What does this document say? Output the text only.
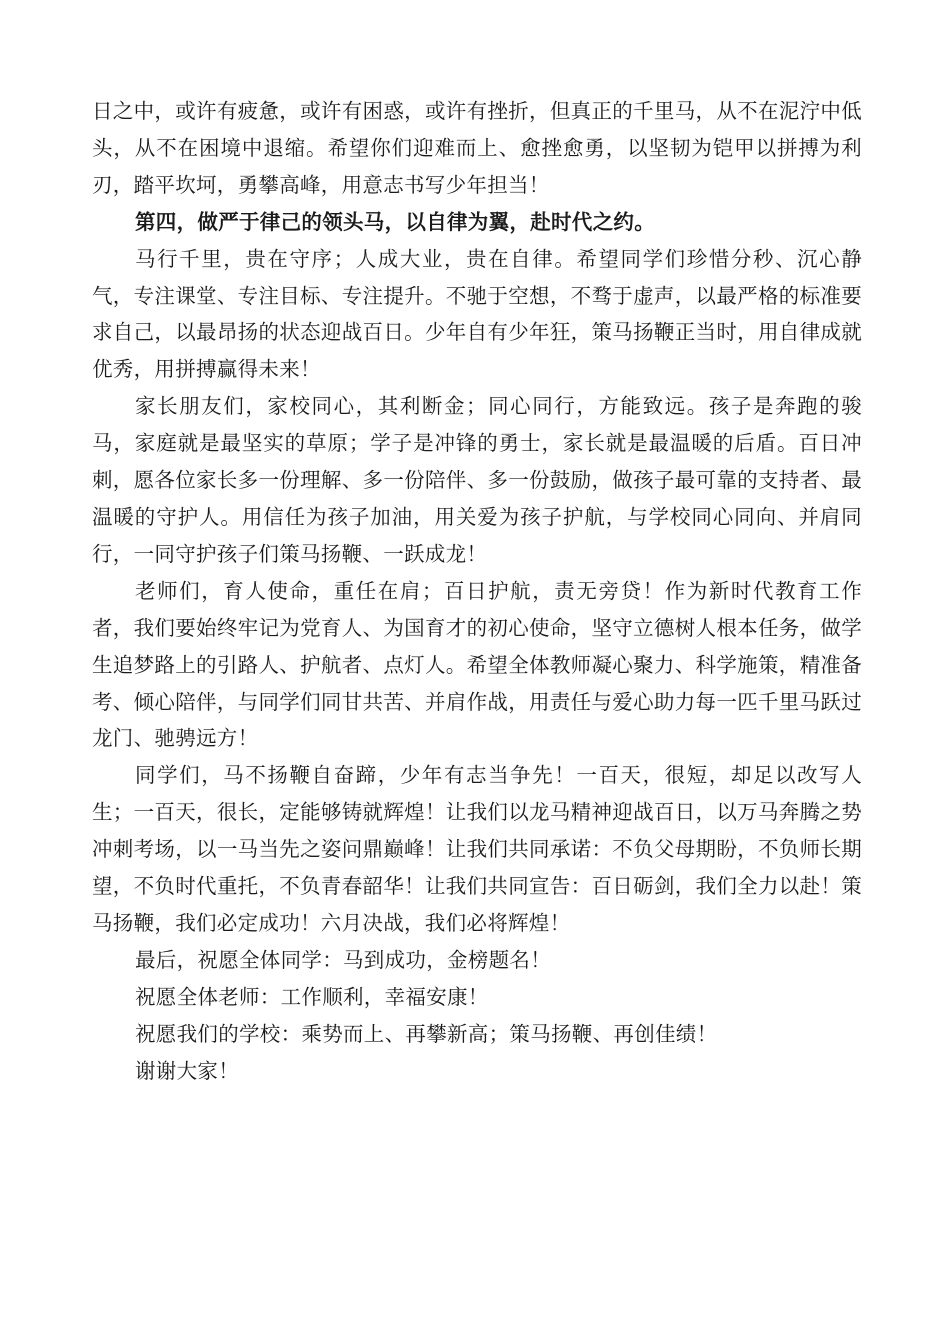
日之中，或许有疲惫，或许有困惑，或许有挫折，但真正的千里马，从不在泥泞中低头，从不在困境中退缩。希望你们迎难而上、愈挫愈勇，以坚韧为铠甲以拼搏为利刃，踏平坎坷，勇攀高峰，用意志书写少年担当！

第四，做严于律己的领头马，以自律为翼，赴时代之约。

马行千里，贵在守序；人成大业，贵在自律。希望同学们珍惜分秒、沉心静气，专注课堂、专注目标、专注提升。不驰于空想，不骛于虚声，以最严格的标准要求自己，以最昂扬的状态迎战百日。少年自有少年狂，策马扬鞭正当时，用自律成就优秀，用拼搏赢得未来！

家长朋友们，家校同心，其利断金；同心同行，方能致远。孩子是奔跑的骏马，家庭就是最坚实的草原；学子是冲锋的勇士，家长就是最温暖的后盾。百日冲刺，愿各位家长多一份理解、多一份陪伴、多一份鼓励，做孩子最可靠的支持者、最温暖的守护人。用信任为孩子加油，用关爱为孩子护航，与学校同心同向、并肩同行，一同守护孩子们策马扬鞭、一跃成龙！

老师们，育人使命，重任在肩；百日护航，责无旁贷！作为新时代教育工作者，我们要始终牢记为党育人、为国育才的初心使命，坚守立德树人根本任务，做学生追梦路上的引路人、护航者、点灯人。希望全体教师凝心聚力、科学施策，精准备考、倾心陪伴，与同学们同甘共苦、并肩作战，用责任与爱心助力每一匹千里马跃过龙门、驰骋远方！

同学们，马不扬鞭自奋蹄，少年有志当争先！一百天，很短，却足以改写人生；一百天，很长，定能够铸就辉煌！让我们以龙马精神迎战百日，以万马奔腾之势冲刺考场，以一马当先之姿问鼎巅峰！让我们共同承诺：不负父母期盼，不负师长期望，不负时代重托，不负青春韶华！让我们共同宣告：百日砺剑，我们全力以赴！策马扬鞭，我们必定成功！六月决战，我们必将辉煌！

最后，祝愿全体同学：马到成功，金榜题名！

祝愿全体老师：工作顺利，幸福安康！

祝愿我们的学校：乘势而上、再攀新高；策马扬鞭、再创佳绩！

谢谢大家！
